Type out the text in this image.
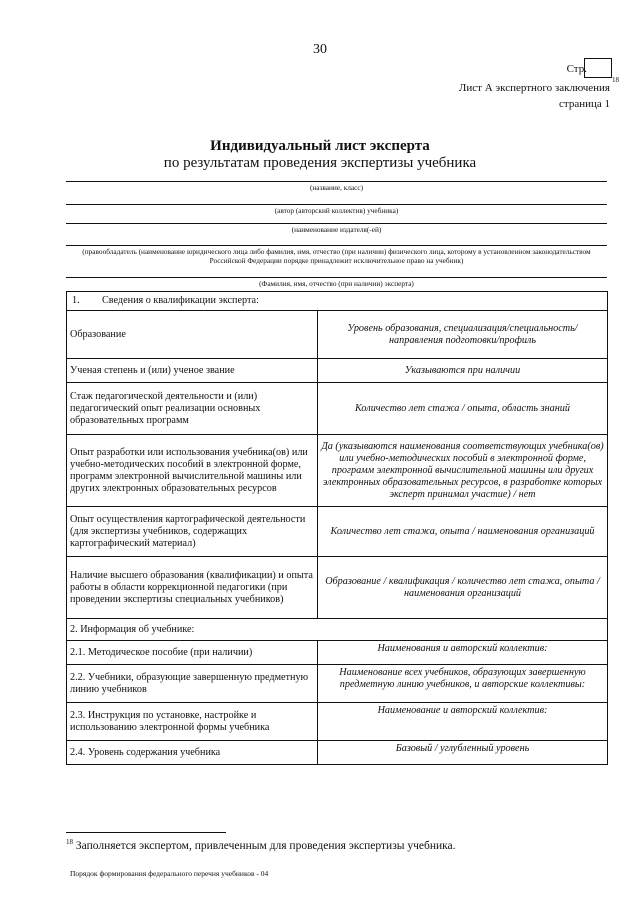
30
Стр.
18
Лист А экспертного заключения
страница 1
Индивидуальный лист эксперта
по результатам проведения экспертизы учебника
(название, класс)
(автор (авторский коллектив) учебника)
(наименование издателя(-ей)
(правообладатель (наименование юридического лица либо фамилия, имя, отчество (при наличии) физического лица, которому в установленном законодательством Российской Федерации порядке принадлежит исключительное право на учебник)
(Фамилия, имя, отчество (при наличии) эксперта)
1. Сведения о квалификации эксперта:	
Образование	Уровень образования, специализация/специальность/направления подготовки/профиль
Ученая степень и (или) ученое звание	Указываются при наличии
Стаж педагогической деятельности и (или) педагогический опыт реализации основных образовательных программ	Количество лет стажа / опыта, область знаний
Опыт разработки или использования учебника(ов) или учебно-методических пособий в электронной форме, программ электронной вычислительной машины или других электронных образовательных ресурсов	Да (указываются наименования соответствующих учебника(ов) или учебно-методических пособий в электронной форме, программ электронной вычислительной машины или других электронных образовательных ресурсов, в разработке которых эксперт принимал участие) / нет
Опыт осуществления картографической деятельности (для экспертизы учебников, содержащих картографический материал)	Количество лет стажа, опыта / наименования организаций
Наличие высшего образования (квалификации) и опыта работы в области коррекционной педагогики (при проведении экспертизы специальных учебников)	Образование / квалификация / количество лет стажа, опыта / наименования организаций
2. Информация об учебнике:	
2.1. Методическое пособие (при наличии)	Наименования и авторский коллектив:
2.2. Учебники, образующие завершенную предметную линию учебников	Наименование всех учебников, образующих завершенную предметную линию учебников, и авторские коллективы:
2.3. Инструкция по установке, настройке и использованию электронной формы учебника	Наименование и авторский коллектив:
2.4. Уровень содержания учебника	Базовый / углубленный уровень
$^{18}$ Заполняется экспертом, привлеченным для проведения экспертизы учебника.
Порядок формирования федерального перечня учебников - 04
